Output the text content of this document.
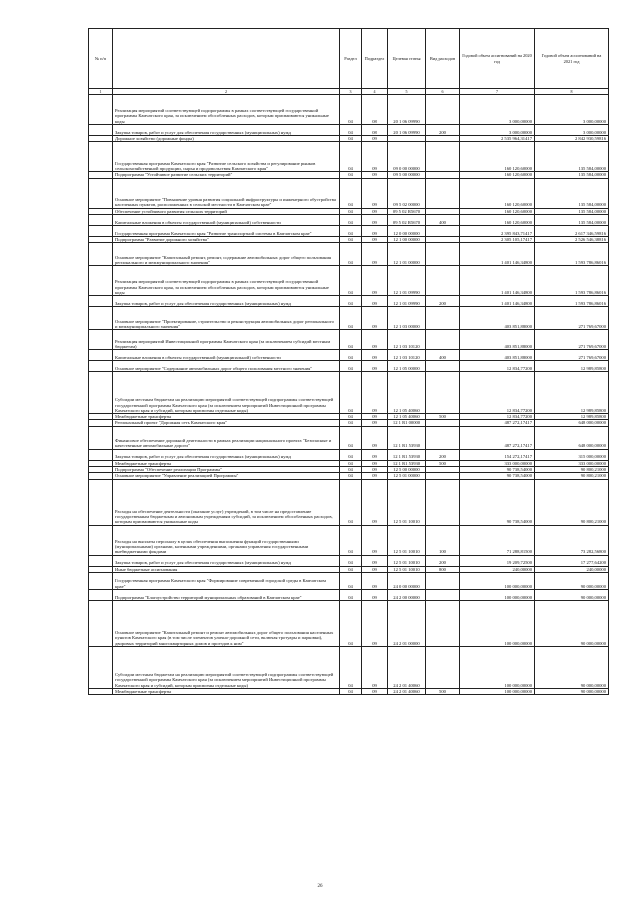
№ п/п		Раздел	Подраздел	Целевая статья	Вид расходов	Годовой объем ассигнований на 2020 год	Годовой объем ассигнований на 2021 год
1	2	3	4	5	6	7	8
	Реализация мероприятий соответствующей подпрограммы в рамках соответствующей государственной программы Камчатского края, за исключением обособленных расходов, которым присваиваются уникальные коды	04	08	20 1 06 09990		3 000,00000	3 000,00000
	Закупка товаров, работ и услуг для обеспечения государственных (муниципальных) нужд	04	08	20 1 06 09990	200	3 000,00000	3 000,00000
	Дорожное хозяйство (дорожные фонды)	04	09			2 535 964,31417	2 842 930,59816
	Государственная программа Камчатского края "Развитие сельского хозяйства и регулирование рынков сельскохозяйственной продукции, сырья и продовольствия Камчатского края"	04	09	09 0 00 00000		160 120,60000	135 584,00000
	Подпрограмма "Устойчивое развитие сельских территорий"	04	09	09 5 00 00000		160 120,60000	135 584,00000
	Основное мероприятие "Повышение уровня развития социальной инфраструктуры и инженерного обустройства населенных пунктов, расположенных в сельской местности в Камчатском крае"	04	09	09 5 02 00000		160 120,60000	135 584,00000
	Обеспечение устойчивого развития сельских территорий	04	09	09 5 02 R5670		160 120,60000	135 584,00000
	Капитальные вложения в объекты государственной (муниципальной) собственности	04	09	09 5 02 R5670	400	160 120,60000	135 584,00000
	Государственная программа Камчатского края "Развитие транспортной системы в Камчатском крае"	04	09	12 0 00 00000		2 395 843,71417	2 617 346,59816
	Подпрограмма "Развитие дорожного хозяйства"	04	09	12 1 00 00000		2 305 105,17417	2 526 546,38816
	Основное мероприятие "Капитальный ремонт, ремонт, содержание автомобильных дорог общего пользования регионального и межмуниципального значения"	04	09	12 1 01 00000		1 401 146,34800	1 593 786,86016
	Реализация мероприятий соответствующей подпрограммы в рамках соответствующей государственной программы Камчатского края, за исключением обособленных расходов, которым присваиваются уникальные коды	04	09	12 1 01 09990		1 401 146,34800	1 593 786,86016
	Закупка товаров, работ и услуг для обеспечения государственных (муниципальных) нужд	04	09	12 1 01 09990	200	1 401 146,34800	1 593 786,86016
	Основное мероприятие "Проектирование, строительство и реконструкция автомобильных дорог регионального и межмуниципального значения"	04	09	12 1 03 00000		403 851,88000	271 769,67000
	Реализация мероприятий Инвестиционной программы Камчатского края (за исключением субсидий местным бюджетам)	04	09	12 1 03 10120		403 851,88000	271 769,67000
	Капитальные вложения в объекты государственной (муниципальной) собственности	04	09	12 1 03 10120	400	403 851,88000	271 769,67000
	Основное мероприятие "Содержание автомобильных дорог общего пользования местного значения"	04	09	12 1 05 00000		12 834,77200	12 989,85800
	Субсидии местным бюджетам на реализацию мероприятий соответствующей подпрограммы соответствующей государственной программы Камчатского края (за исключением мероприятий Инвестиционной программы Камчатского края и субсидий, которым присвоены отдельные коды)	04	09	12 1 05 40060		12 834,77200	12 989,85800
	Межбюджетные трансферты	04	09	12 1 05 40060	500	12 834,77200	12 989,85800
	Региональный проект "Дорожная сеть Камчатского края"	04	09	12 1 R1 00000		487 272,17417	648 000,00000
	Финансовое обеспечение дорожной деятельности в рамках реализации национального проекта "Безопасные и качественные автомобильные дороги"	04	09	12 1 R1 53930		487 272,17417	648 000,00000
	Закупка товаров, работ и услуг для обеспечения государственных (муниципальных) нужд	04	09	12 1 R1 53930	200	154 272,17417	315 000,00000
	Межбюджетные трансферты	04	09	12 1 R1 53930	500	333 000,00000	333 000,00000
	Подпрограмма "Обеспечение реализации Программы"	04	09	12 5 00 00000		90 738,54000	90 800,21000
	Основное мероприятие "Управление реализацией Программы"	04	09	12 5 01 00000		90 738,54000	90 800,21000
	Расходы на обеспечение деятельности (оказание услуг) учреждений, в том числе на предоставление государственным бюджетным и автономным учреждениям субсидий, за исключением обособленных расходов, которым присваиваются уникальные коды	04	09	12 5 01 10010		90 738,54000	90 800,21000
	Расходы на выплаты персоналу в целях обеспечения выполнения функций государственными (муниципальными) органами, казенными учреждениями, органами управления государственными внебюджетными фондами	04	09	12 5 01 10010	100	71 288,81500	73 282,56800
	Закупка товаров, работ и услуг для обеспечения государственных (муниципальных) нужд	04	09	12 5 01 10010	200	19 209,72500	17 277,64200
	Иные бюджетные ассигнования	04	09	12 5 01 10010	800	240,00000	240,00000
	Государственная программа Камчатского края "Формирование современной городской среды в Камчатском крае"	04	09	24 0 00 00000		100 000,00000	90 000,00000
	Подпрограмма "Благоустройство территорий муниципальных образований в Камчатском крае"	04	09	24 2 00 00000		100 000,00000	90 000,00000
	Основное мероприятие "Капитальный ремонт и ремонт автомобильных дорог общего пользования населенных пунктов Камчатского края (в том числе элементов улично-дорожной сети, включая тротуары и парковки), дворовых территорий многоквартирных домов и проездов к ним"	04	09	24 2 01 00000		100 000,00000	90 000,00000
	Субсидии местным бюджетам на реализацию мероприятий соответствующей подпрограммы соответствующей государственной программы Камчатского края (за исключением мероприятий Инвестиционной программы Камчатского края и субсидий, которым присвоены отдельные коды)	04	09	24 2 01 40060		100 000,00000	90 000,00000
	Межбюджетные трансферты	04	09	24 2 01 40060	500	100 000,00000	90 000,00000
26
